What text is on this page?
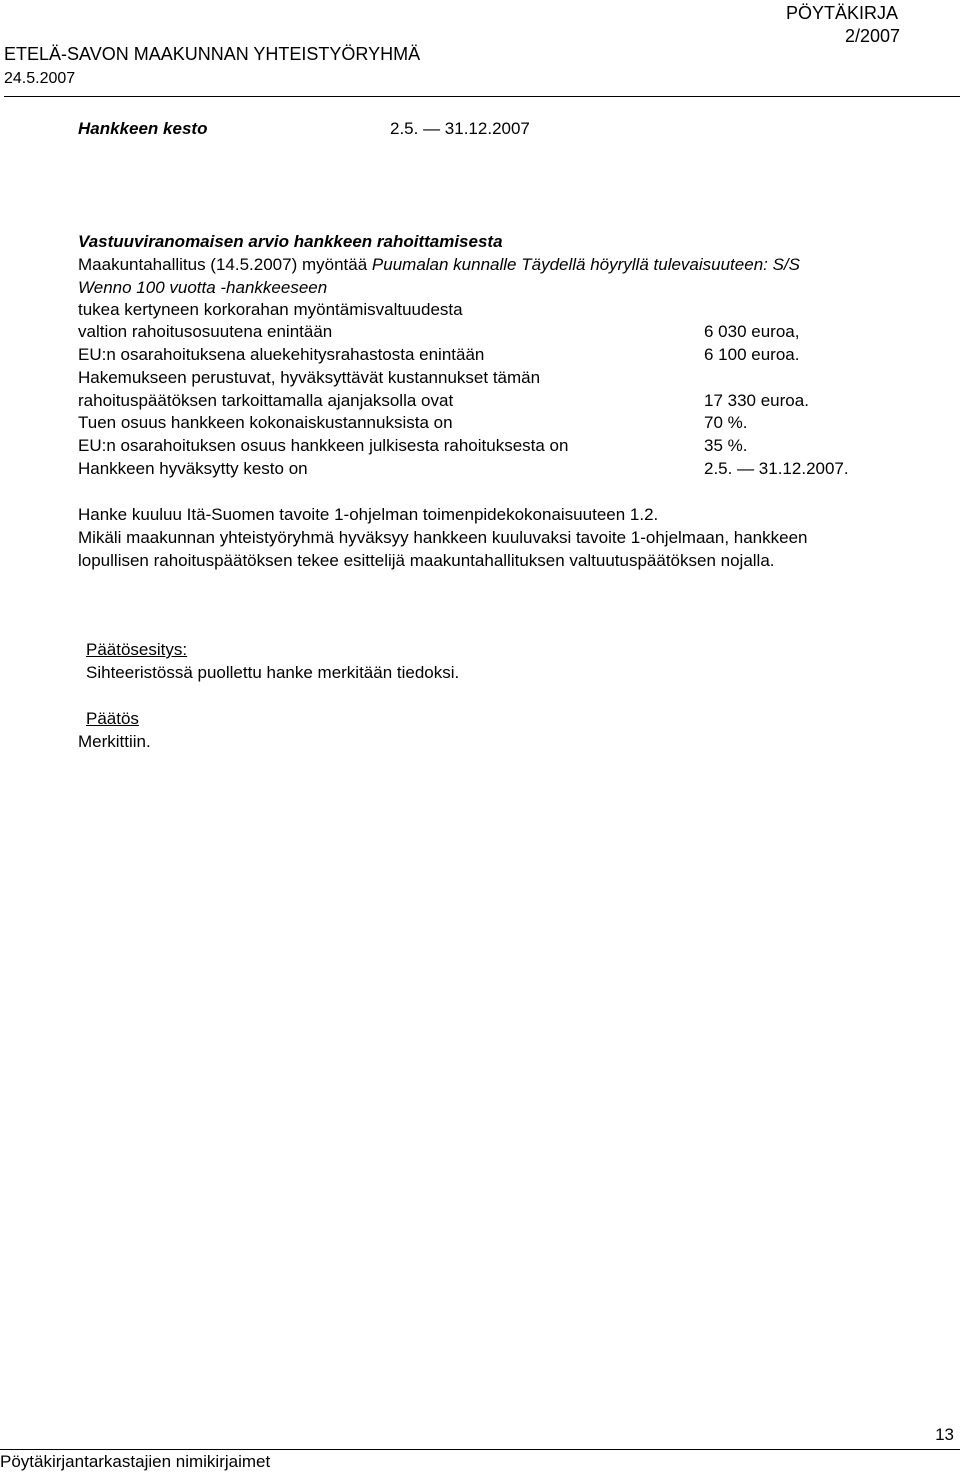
PÖYTÄKIRJA
2/2007
ETELÄ-SAVON MAAKUNNAN YHTEISTYÖRYHMÄ
24.5.2007
Hankkeen kesto	2.5. — 31.12.2007
Vastuuviranomaisen arvio hankkeen rahoittamisesta
Maakuntahallitus (14.5.2007) myöntää Puumalan kunnalle Täydellä höyryllä tulevaisuuteen: S/S
Wenno 100 vuotta -hankkeeseen
tukea kertyneen korkorahan myöntämisvaltuudesta
valtion rahoitusosuutena enintään	6 030 euroa,
EU:n osarahoituksena aluekehitysrahastosta enintään	6 100 euroa.
Hakemukseen perustuvat, hyväksyttävät kustannukset tämän
rahoituspäätöksen tarkoittamalla ajanjaksolla ovat	17 330 euroa.
Tuen osuus hankkeen kokonaiskustannuksista on	70 %.
EU:n osarahoituksen osuus hankkeen julkisesta rahoituksesta on	35 %.
Hankkeen hyväksytty kesto on	2.5. — 31.12.2007.
Hanke kuuluu Itä-Suomen tavoite 1-ohjelman toimenpidekokonaisuuteen 1.2.
Mikäli maakunnan yhteistyöryhmä hyväksyy hankkeen kuuluvaksi tavoite 1-ohjelmaan, hankkeen
lopullisen rahoituspäätöksen tekee esittelijä maakuntahallituksen valtuutuspäätöksen nojalla.
Päätösesitys:
Sihteeristössä puollettu hanke merkitään tiedoksi.
Päätös
Merkittiin.
13
Pöytäkirjantarkastajien nimikirjaimet
